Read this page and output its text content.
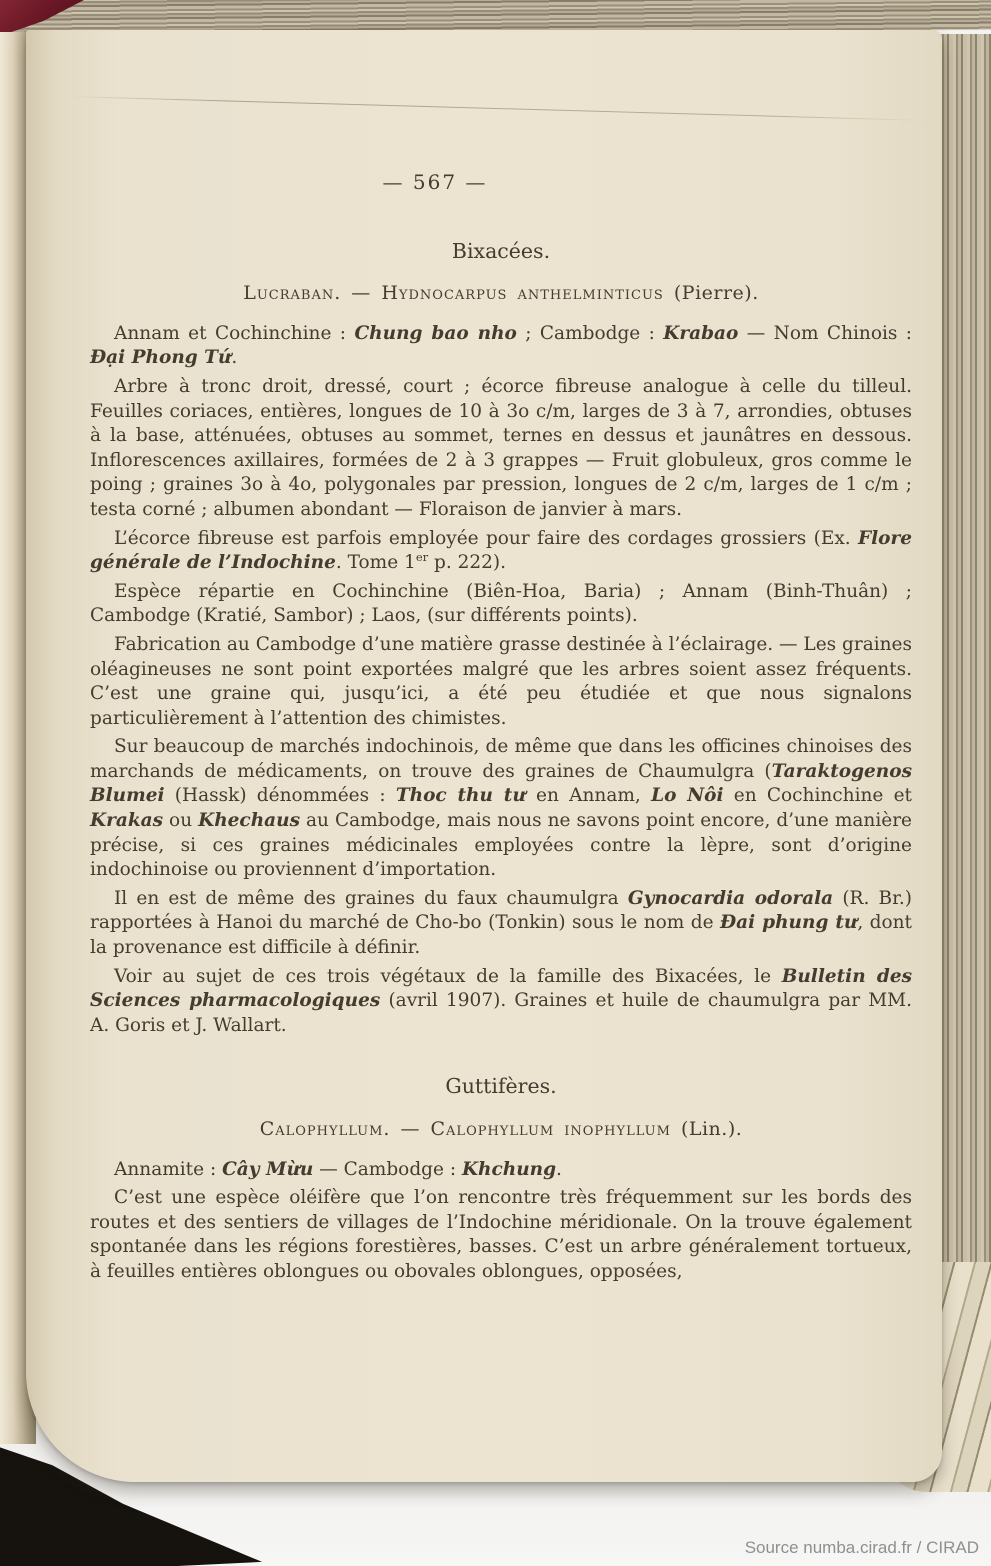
— 567 —
Bixacées.
Lucraban. — Hydnocarpus anthelminticus (Pierre).

Annam et Cochinchine : Chung bao nho ; Cambodge : Krabao — Nom Chinois : Đại Phong Tứ.

Arbre à tronc droit, dressé, court ; écorce fibreuse analogue à celle du tilleul. Feuilles coriaces, entières, longues de 10 à 3o c/m, larges de 3 à 7, arrondies, obtuses à la base, atténuées, obtuses au sommet, ternes en dessus et jaunâtres en dessous. Inflorescences axillaires, formées de 2 à 3 grappes — Fruit globuleux, gros comme le poing ; graines 3o à 4o, polygonales par pression, longues de 2 c/m, larges de 1 c/m ; testa corné ; albumen abondant — Floraison de janvier à mars.

L’écorce fibreuse est parfois employée pour faire des cordages grossiers (Ex. Flore générale de l’Indochine. Tome 1er p. 222).

Espèce répartie en Cochinchine (Biên-Hoa, Baria) ; Annam (Binh-Thuân) ; Cambodge (Kratié, Sambor) ; Laos, (sur différents points).

Fabrication au Cambodge d’une matière grasse destinée à l’éclairage. — Les graines oléagineuses ne sont point exportées malgré que les arbres soient assez fréquents. C’est une graine qui, jusqu’ici, a été peu étudiée et que nous signalons particulièrement à l’attention des chimistes.

Sur beaucoup de marchés indochinois, de même que dans les officines chinoises des marchands de médicaments, on trouve des graines de Chaumulgra (Taraktogenos Blumei (Hassk) dénommées : Thoc thu tư en Annam, Lo Nôi en Cochinchine et Krakas ou Khechaus au Cambodge, mais nous ne savons point encore, d’une manière précise, si ces graines médicinales employées contre la lèpre, sont d’origine indochinoise ou proviennent d’importation.

Il en est de même des graines du faux chaumulgra Gynocardia odorala (R. Br.) rapportées à Hanoi du marché de Cho-bo (Tonkin) sous le nom de Đai phung tư, dont la provenance est difficile à définir.

Voir au sujet de ces trois végétaux de la famille des Bixacées, le Bulletin des Sciences pharmacologiques (avril 1907). Graines et huile de chaumulgra par MM. A. Goris et J. Wallart.

Guttifères.
Calophyllum. — Calophyllum inophyllum (Lin.).

Annamite : Cây Mừu — Cambodge : Khchung.

C’est une espèce oléifère que l’on rencontre très fréquemment sur les bords des routes et des sentiers de villages de l’Indochine méridionale. On la trouve également spontanée dans les régions forestières, basses. C’est un arbre généralement tortueux, à feuilles entières oblongues ou obovales oblongues, opposées,

Source numba.cirad.fr / CIRAD
